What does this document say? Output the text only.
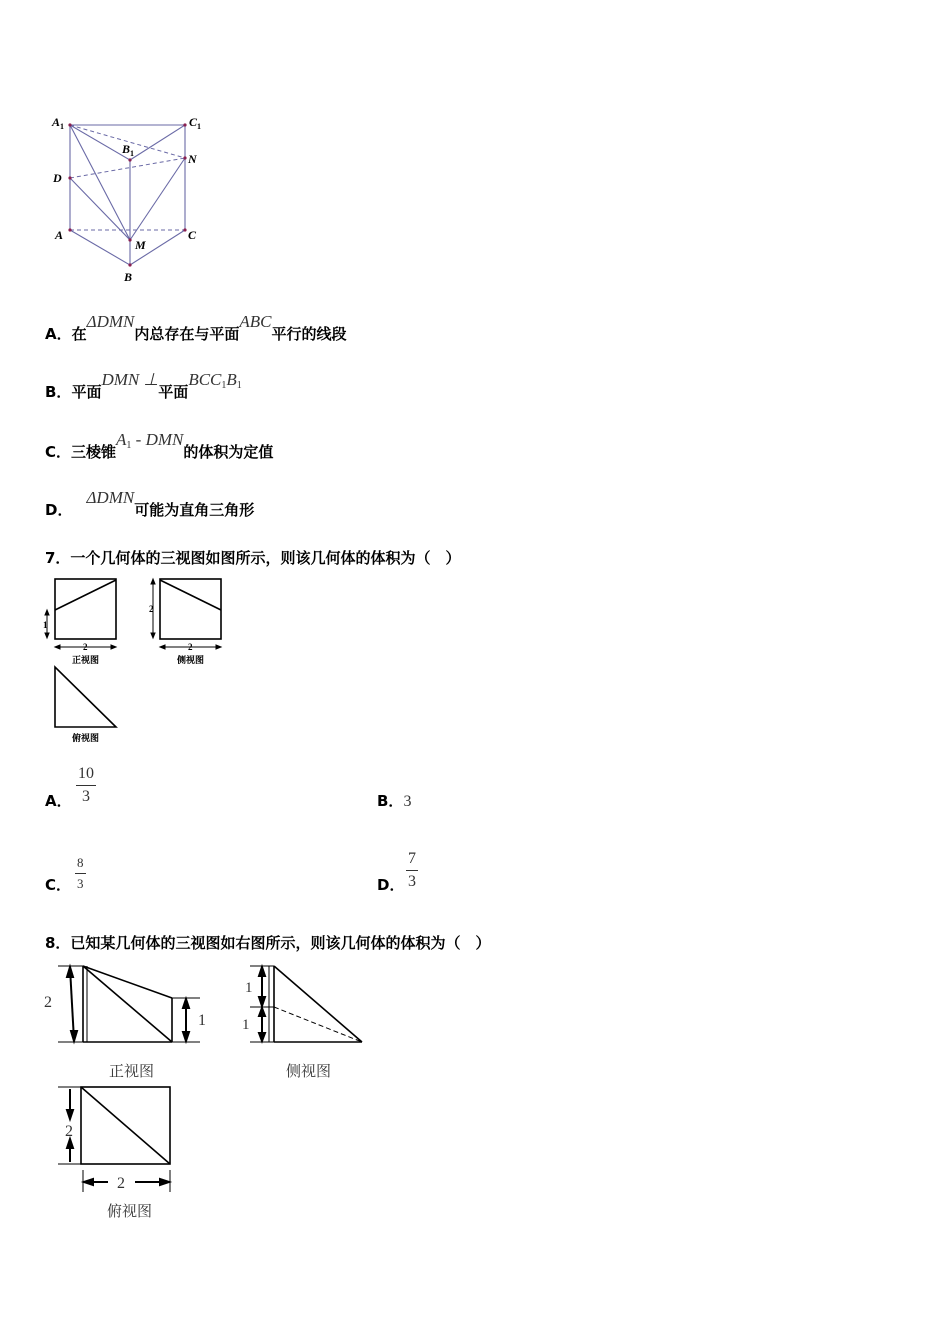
A 1	C 1
B 1	N
D
A
M
C
B
A．在ΔDMN内总存在与平面ABC平行的线段
B．平面DMN ⊥平面$BCC_1B_1$
C．三棱锥$A_1$ - DMN的体积为定值
D．ΔDMN可能为直角三角形
7．一个几何体的三视图如图所示，则该几何体的体积为（　）
1
2
2
2
正视图	侧视图
俯视图
A．
10
3	B．3
C．
8
3	D．
7
3
8．已知某几何体的三视图如右图所示，则该几何体的体积为（　）
2
1
1
1
2
2
正视图	侧视图
俯视图
